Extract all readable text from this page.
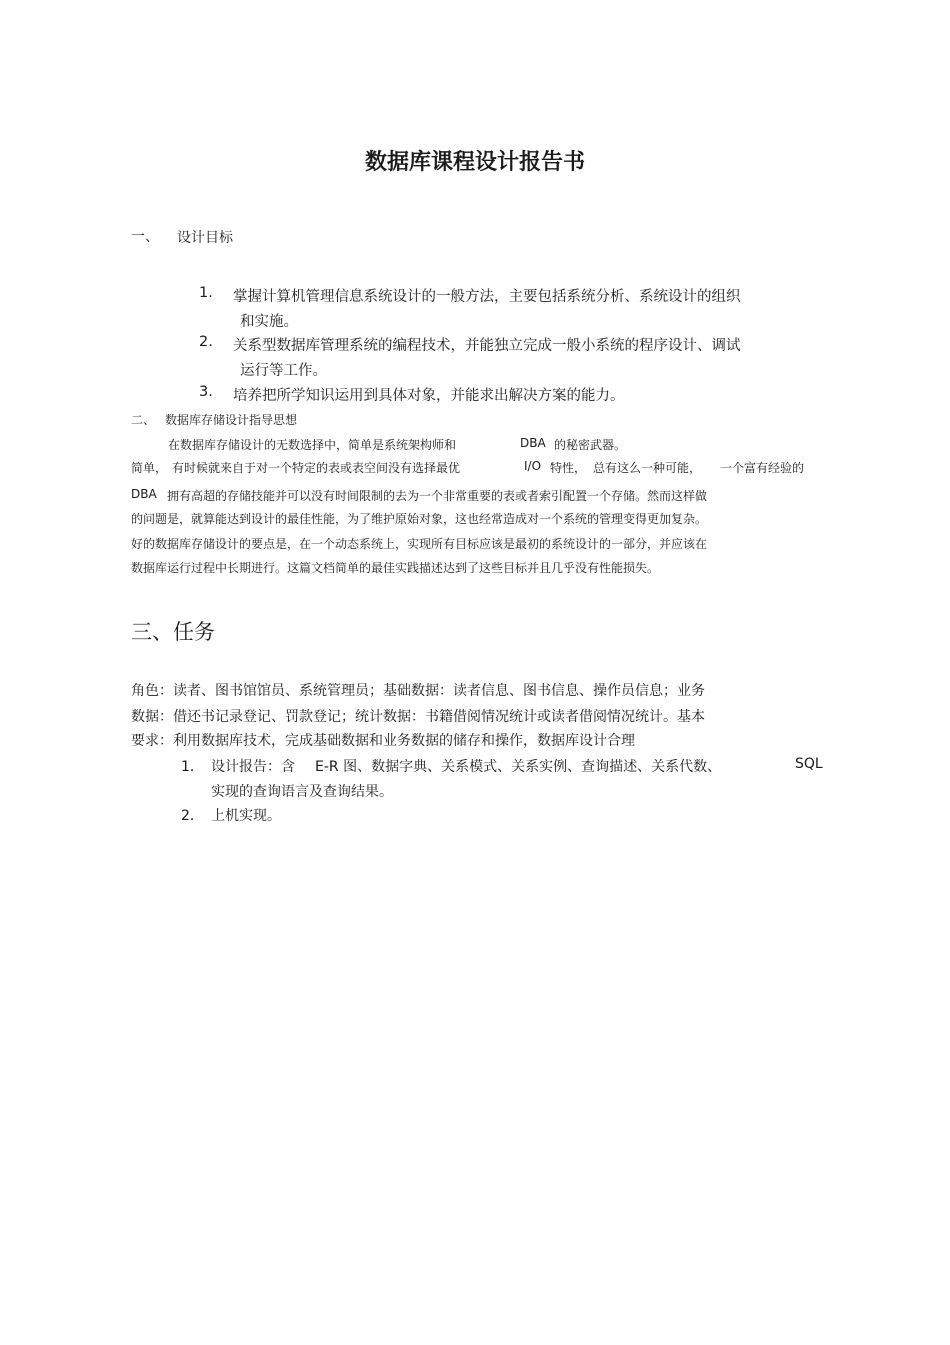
数据库课程设计报告书
一、 设计目标
1. 掌握计算机管理信息系统设计的一般方法，主要包括系统分析、系统设计的组织
和实施。
2. 关系型数据库管理系统的编程技术，并能独立完成一般小系统的程序设计、调试
运行等工作。
3. 培养把所学知识运用到具体对象，并能求出解决方案的能力。
二、 数据库存储设计指导思想
在数据库存储设计的无数选择中，简单是系统架构师和	DBA 的秘密武器。
简单， 有时候就来自于对一个特定的表或表空间没有选择最优	I/O 特性， 总有这么一种可能， 一个富有经验的
DBA 拥有高超的存储技能并可以没有时间限制的去为一个非常重要的表或者索引配置一个存储。然而这样做
的问题是，就算能达到设计的最佳性能，为了维护原始对象，这也经常造成对一个系统的管理变得更加复杂。
好的数据库存储设计的要点是，在一个动态系统上，实现所有目标应该是最初的系统设计的一部分，并应该在
数据库运行过程中长期进行。这篇文档简单的最佳实践描述达到了这些目标并且几乎没有性能损失。
三、任务
角色：读者、图书馆馆员、系统管理员；基础数据：读者信息、图书信息、操作员信息；业务
数据：借还书记录登记、罚款登记；统计数据：书籍借阅情况统计或读者借阅情况统计。基本
要求：利用数据库技术，完成基础数据和业务数据的储存和操作，数据库设计合理
1． 设计报告：含 E-R 图、数据字典、关系模式、关系实例、查询描述、关系代数、	SQL
实现的查询语言及查询结果。
2． 上机实现。
